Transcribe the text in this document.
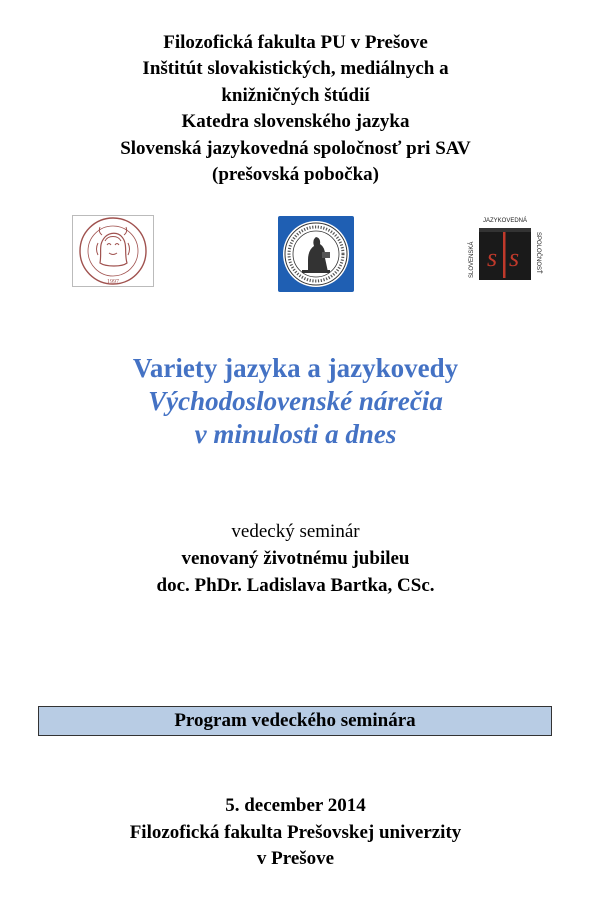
Filozofická fakulta PU v Prešove
Inštitút slovakistických, mediálnych a
knižničných štúdií
Katedra slovenského jazyka
Slovenská jazykovedná spoločnosť pri SAV
(prešovská pobočka)
1997
JAZYKOVEDNÁ
SLOVENSKÁ	SPOLOČNOSŤ
s s
Variety jazyka a jazykovedy
Východoslovenské nárečia
v minulosti a dnes
vedecký seminár
venovaný životnému jubileu
doc. PhDr. Ladislava Bartka, CSc.
Program vedeckého seminára
5. december 2014
Filozofická fakulta Prešovskej univerzity
v Prešove
